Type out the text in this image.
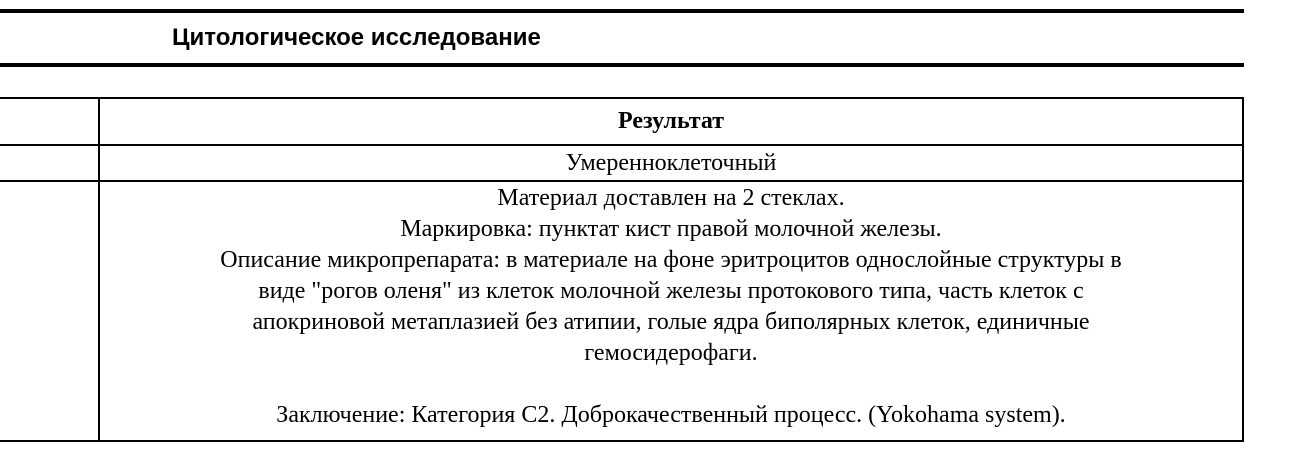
Цитологическое исследование
Результат
Умеренноклеточный
Материал доставлен на 2 стеклах.
Маркировка: пунктат кист правой молочной железы.
Описание микропрепарата: в материале на фоне эритроцитов однослойные структуры в
виде "рогов оленя" из клеток молочной железы протокового типа, часть клеток с
апокриновой метаплазией без атипии, голые ядра биполярных клеток, единичные
гемосидерофаги.
Заключение: Категория С2. Доброкачественный процесс. (Yokohama system).
